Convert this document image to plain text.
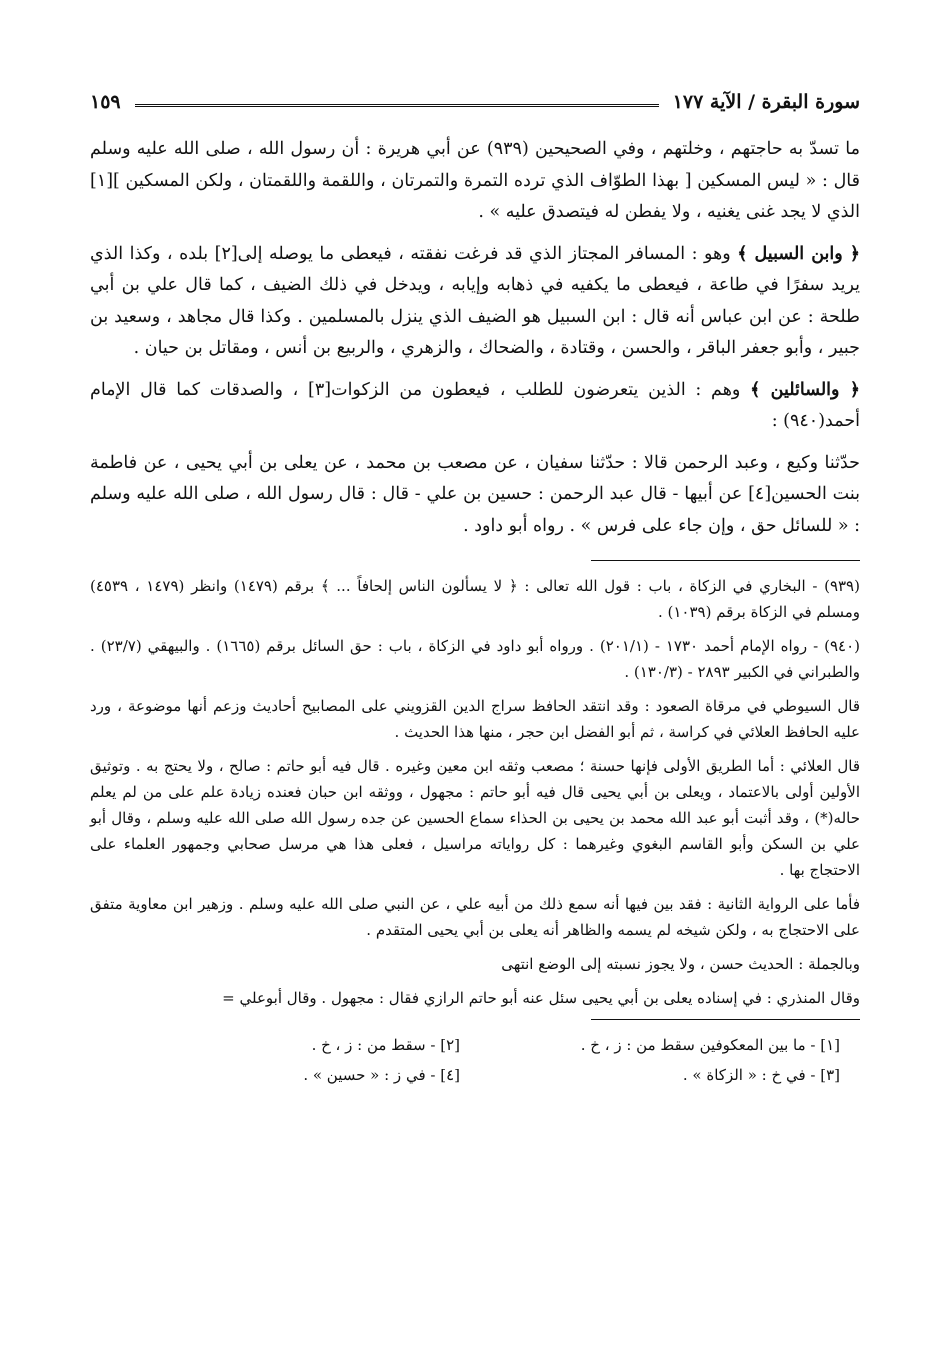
سورة البقرة / الآية ١٧٧
١٥٩

ما تسدّ به حاجتهم ، وخلتهم ، وفي الصحيحين (٩٣٩) عن أبي هريرة : أن رسول الله ، صلى الله عليه وسلم قال : « ليس المسكين [ بهذا الطوّاف الذي ترده التمرة والتمرتان ، واللقمة واللقمتان ، ولكن المسكين ][١] الذي لا يجد غنى يغنيه ، ولا يفطن له فيتصدق عليه » .

﴿ وابن السبيل ﴾ وهو : المسافر المجتاز الذي قد فرغت نفقته ، فيعطى ما يوصله إلى[٢] بلده ، وكذا الذي يريد سفرًا في طاعة ، فيعطى ما يكفيه في ذهابه وإيابه ، ويدخل في ذلك الضيف ، كما قال علي بن أبي طلحة : عن ابن عباس أنه قال : ابن السبيل هو الضيف الذي ينزل بالمسلمين . وكذا قال مجاهد ، وسعيد بن جبير ، وأبو جعفر الباقر ، والحسن ، وقتادة ، والضحاك ، والزهري ، والربيع بن أنس ، ومقاتل بن حيان .

﴿ والسائلين ﴾ وهم : الذين يتعرضون للطلب ، فيعطون من الزكوات[٣] ، والصدقات كما قال الإمام أحمد(٩٤٠) :

حدّثنا وكيع ، وعبد الرحمن قالا : حدّثنا سفيان ، عن مصعب بن محمد ، عن يعلى بن أبي يحيى ، عن فاطمة بنت الحسين[٤] عن أبيها - قال عبد الرحمن : حسين بن علي - قال : قال رسول الله ، صلى الله عليه وسلم : « للسائل حق ، وإن جاء على فرس » . رواه أبو داود .

(٩٣٩) - البخاري في الزكاة ، باب : قول الله تعالى : ﴿ لا يسألون الناس إلحافاً ... ﴾ برقم (١٤٧٩) وانظر (١٤٧٩ ، ٤٥٣٩) ومسلم في الزكاة برقم (١٠٣٩) .

(٩٤٠) - رواه الإمام أحمد ١٧٣٠ - (٢٠١/١) . ورواه أبو داود في الزكاة ، باب : حق السائل برقم (١٦٦٥) . والبيهقي (٢٣/٧) . والطبراني في الكبير ٢٨٩٣ - (١٣٠/٣) .

قال السيوطي في مرقاة الصعود : وقد انتقد الحافظ سراج الدين القزويني على المصابيح أحاديث وزعم أنها موضوعة ، ورد عليه الحافظ العلائي في كراسة ، ثم أبو الفضل ابن حجر ، منها هذا الحديث .

قال العلائي : أما الطريق الأولى فإنها حسنة ؛ مصعب وثقه ابن معين وغيره . قال فيه أبو حاتم : صالح ، ولا يحتج به . وتوثيق الأولين أولى بالاعتماد ، ويعلى بن أبي يحيى قال فيه أبو حاتم : مجهول ، ووثقه ابن حبان فعنده زيادة علم على من لم يعلم حاله(*) ، وقد أثبت أبو عبد الله محمد بن يحيى بن الحذاء سماع الحسين عن جده رسول الله صلى الله عليه وسلم ، وقال أبو علي بن السكن وأبو القاسم البغوي وغيرهما : كل رواياته مراسيل ، فعلى هذا هي مرسل صحابي وجمهور العلماء على الاحتجاج بها .

فأما على الرواية الثانية : فقد بين فيها أنه سمع ذلك من أبيه علي ، عن النبي صلى الله عليه وسلم . وزهير ابن معاوية متفق على الاحتجاج به ، ولكن شيخه لم يسمه والظاهر أنه يعلى بن أبي يحيى المتقدم .

وبالجملة : الحديث حسن ، ولا يجوز نسبته إلى الوضع انتهى

وقال المنذري : في إسناده يعلى بن أبي يحيى سئل عنه أبو حاتم الرازي فقال : مجهول . وقال أبوعلي =

[١] - ما بين المعكوفين سقط من : ز ، خ .
[٢] - سقط من : ز ، خ .
[٣] - في خ : « الزكاة » .
[٤] - في ز : « حسين » .
